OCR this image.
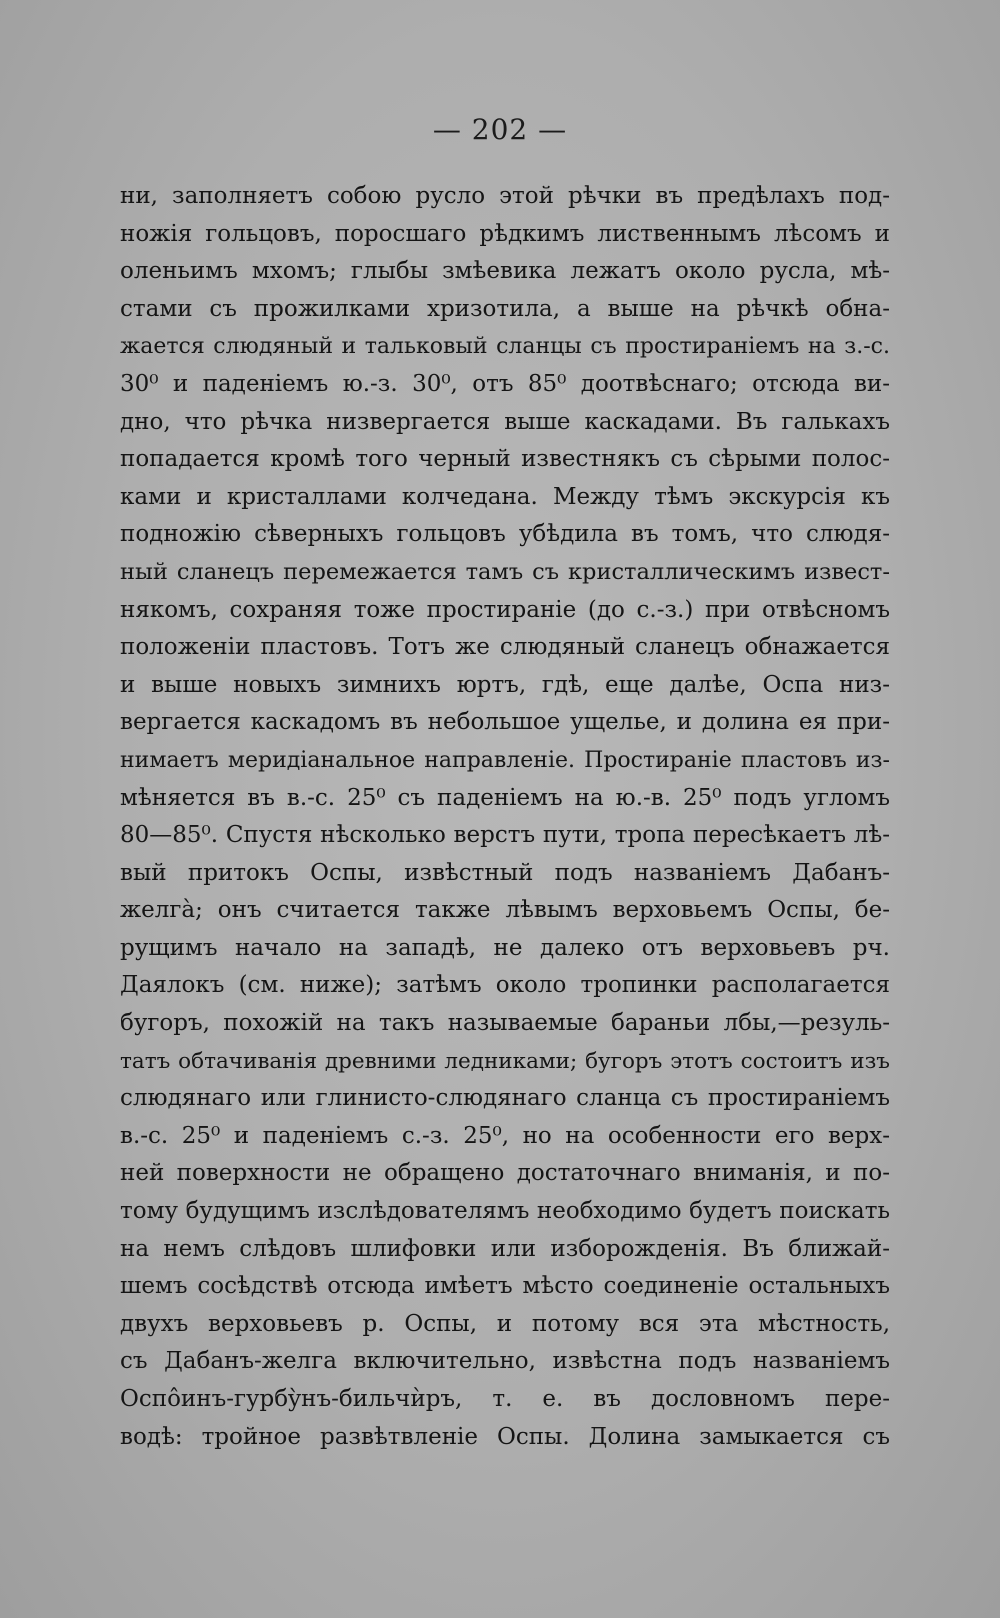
— 202 —
ни, заполняетъ собою русло этой рѣчки въ предѣлахъ под-
ножія гольцовъ, поросшаго рѣдкимъ лиственнымъ лѣсомъ и
оленьимъ мхомъ; глыбы змѣевика лежатъ около русла, мѣ-
стами съ прожилками хризотила, а выше на рѣчкѣ обна-
жается слюдяный и тальковый сланцы съ простираніемъ на з.-с.
30⁰ и паденіемъ ю.-з. 30⁰, отъ 85⁰ доотвѣснаго; отсюда ви-
дно, что рѣчка низвергается выше каскадами. Въ галькахъ
попадается кромѣ того черный известнякъ съ сѣрыми полос-
ками и кристаллами колчедана. Между тѣмъ экскурсія къ
подножію сѣверныхъ гольцовъ убѣдила въ томъ, что слюдя-
ный сланецъ перемежается тамъ съ кристаллическимъ извест-
някомъ, сохраняя тоже простираніе (до с.-з.) при отвѣсномъ
положеніи пластовъ. Тотъ же слюдяный сланецъ обнажается
и выше новыхъ зимнихъ юртъ, гдѣ, еще далѣе, Оспа низ-
вергается каскадомъ въ небольшое ущелье, и долина ея при-
нимаетъ меридіанальное направленіе. Простираніе пластовъ из-
мѣняется въ в.-с. 25⁰ съ паденіемъ на ю.-в. 25⁰ подъ угломъ
80—85⁰. Спустя нѣсколько верстъ пути, тропа пересѣкаетъ лѣ-
вый притокъ Оспы, извѣстный подъ названіемъ Дабанъ-
желгà; онъ считается также лѣвымъ верховьемъ Оспы, бе-
рущимъ начало на западѣ, не далеко отъ верховьевъ рч.
Даялокъ (см. ниже); затѣмъ около тропинки располагается
бугоръ, похожій на такъ называемые бараньи лбы,—резуль-
татъ обтачиванія древними ледниками; бугоръ этотъ состоитъ изъ
слюдянаго или глинисто-слюдянаго сланца съ простираніемъ
в.-с. 25⁰ и паденіемъ с.-з. 25⁰, но на особенности его верх-
ней поверхности не обращено достаточнаго вниманія, и по-
тому будущимъ изслѣдователямъ необходимо будетъ поискать
на немъ слѣдовъ шлифовки или изборожденія. Въ ближай-
шемъ сосѣдствѣ отсюда имѣетъ мѣсто соединеніе остальныхъ
двухъ верховьевъ р. Оспы, и потому вся эта мѣстность,
съ Дабанъ-желга включительно, извѣстна подъ названіемъ
Оспôинъ-гурбỳнъ-бильчѝръ, т. е. въ дословномъ пере-
водѣ: тройное развѣтвленіе Оспы. Долина замыкается съ
